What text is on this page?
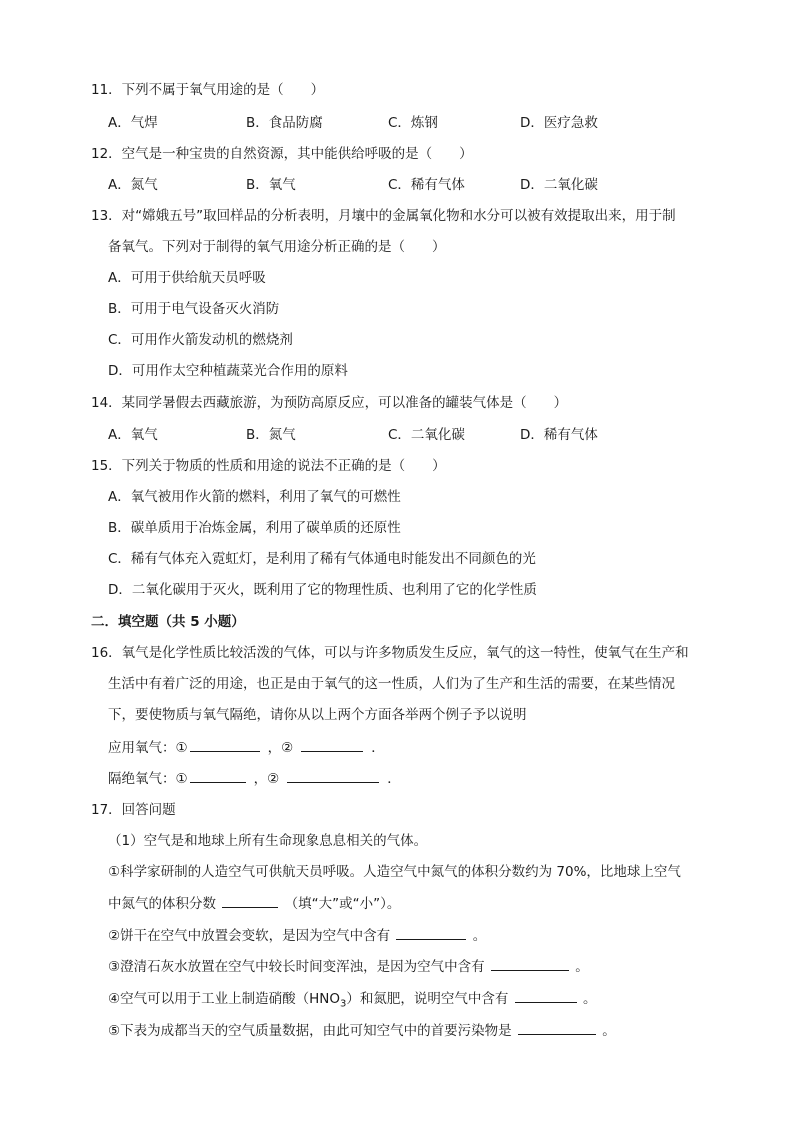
11．下列不属于氧气用途的是（　　）
A．气焊	B．食品防腐	C．炼钢	D．医疗急救
12．空气是一种宝贵的自然资源，其中能供给呼吸的是（　　）
A．氮气	B．氧气	C．稀有气体	D．二氧化碳
13．对“嫦娥五号”取回样品的分析表明，月壤中的金属氧化物和水分可以被有效提取出来，用于制
备氧气。下列对于制得的氧气用途分析正确的是（　　）
A．可用于供给航天员呼吸
B．可用于电气设备灭火消防
C．可用作火箭发动机的燃烧剂
D．可用作太空种植蔬菜光合作用的原料
14．某同学暑假去西藏旅游，为预防高原反应，可以准备的罐装气体是（　　）
A．氧气	B．氮气	C．二氧化碳	D．稀有气体
15．下列关于物质的性质和用途的说法不正确的是（　　）
A．氧气被用作火箭的燃料，利用了氧气的可燃性
B．碳单质用于冶炼金属，利用了碳单质的还原性
C．稀有气体充入霓虹灯，是利用了稀有气体通电时能发出不同颜色的光
D．二氧化碳用于灭火，既利用了它的物理性质、也利用了它的化学性质
二．填空题（共 5 小题）
16．氧气是化学性质比较活泼的气体，可以与许多物质发生反应，氧气的这一特性，使氧气在生产和
生活中有着广泛的用途，也正是由于氧气的这一性质，人们为了生产和生活的需要，在某些情况
下，要使物质与氧气隔绝，请你从以上两个方面各举两个例子予以说明
应用氧气：①	，②	．
隔绝氧气：①	，②	．
17．回答问题
（1）空气是和地球上所有生命现象息息相关的气体。
①科学家研制的人造空气可供航天员呼吸。人造空气中氮气的体积分数约为 70%，比地球上空气
中氮气的体积分数	（填“大”或“小”）。
②饼干在空气中放置会变软，是因为空气中含有	。
③澄清石灰水放置在空气中较长时间变浑浊，是因为空气中含有	。
④空气可以用于工业上制造硝酸$(HNO_3)$和氮肥，说明空气中含有	。
⑤下表为成都当天的空气质量数据，由此可知空气中的首要污染物是	。
